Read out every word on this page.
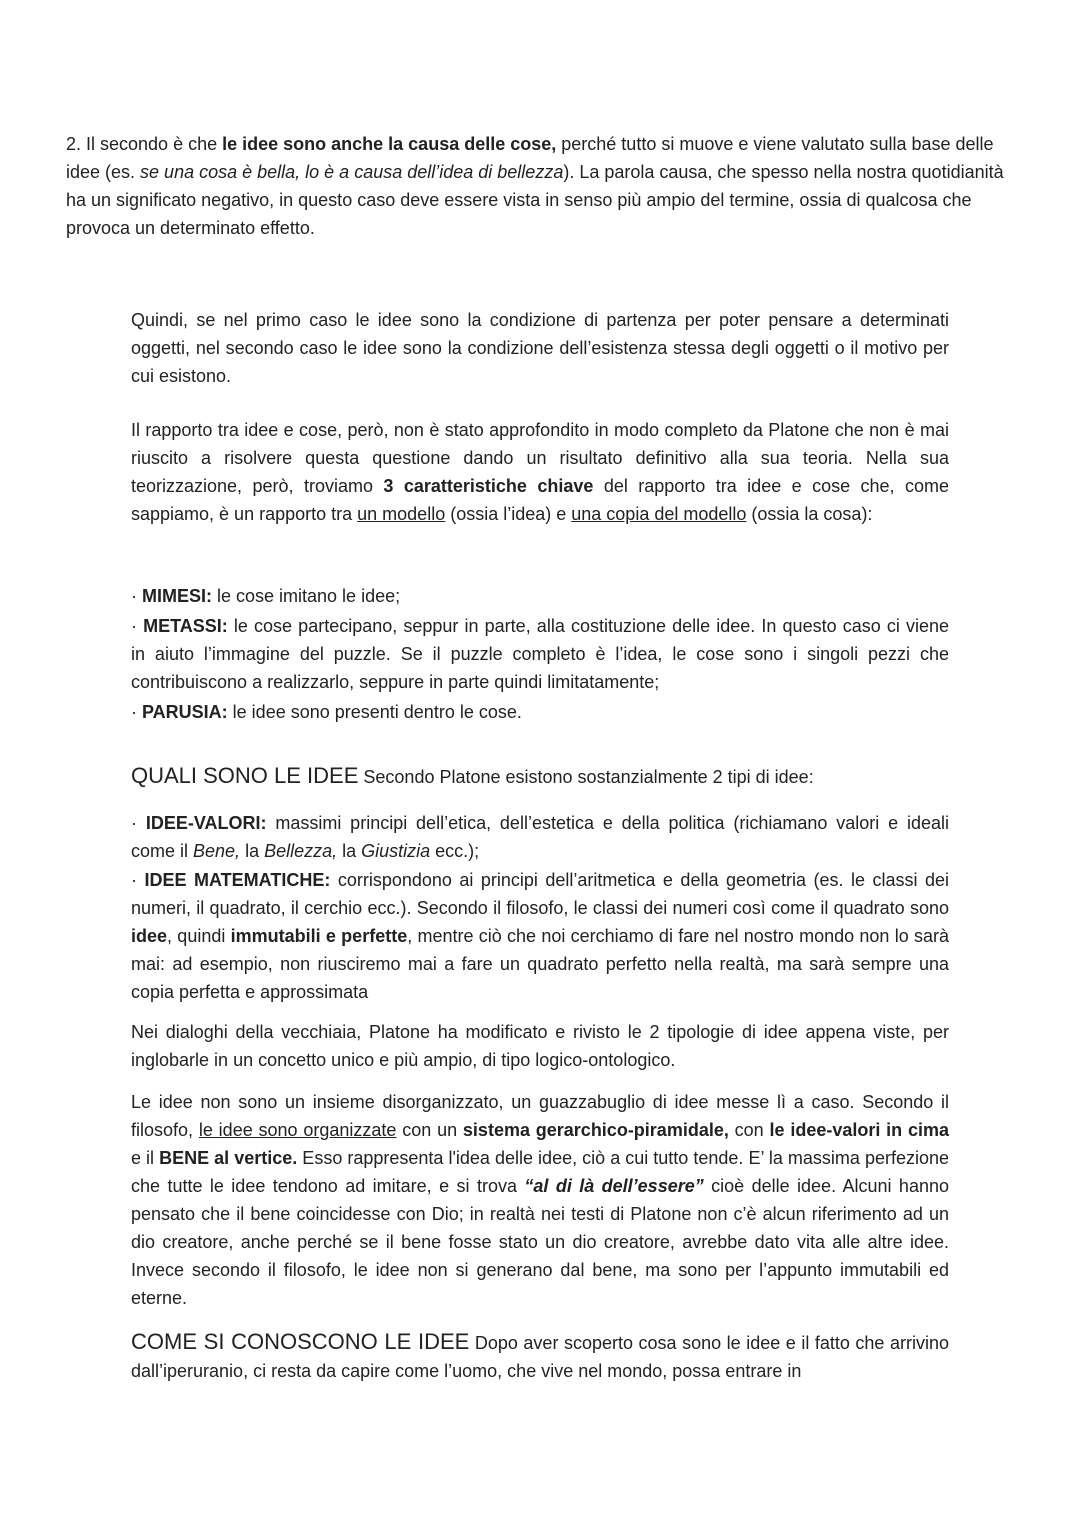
2. Il secondo è che le idee sono anche la causa delle cose, perché tutto si muove e viene valutato sulla base delle idee (es. se una cosa è bella, lo è a causa dell’idea di bellezza). La parola causa, che spesso nella nostra quotidianità ha un significato negativo, in questo caso deve essere vista in senso più ampio del termine, ossia di qualcosa che provoca un determinato effetto.

Quindi, se nel primo caso le idee sono la condizione di partenza per poter pensare a determinati oggetti, nel secondo caso le idee sono la condizione dell’esistenza stessa degli oggetti o il motivo per cui esistono.

Il rapporto tra idee e cose, però, non è stato approfondito in modo completo da Platone che non è mai riuscito a risolvere questa questione dando un risultato definitivo alla sua teoria. Nella sua teorizzazione, però, troviamo 3 caratteristiche chiave del rapporto tra idee e cose che, come sappiamo, è un rapporto tra un modello (ossia l’idea) e una copia del modello (ossia la cosa):

· MIMESI: le cose imitano le idee;

· METASSI: le cose partecipano, seppur in parte, alla costituzione delle idee. In questo caso ci viene in aiuto l’immagine del puzzle. Se il puzzle completo è l’idea, le cose sono i singoli pezzi che contribuiscono a realizzarlo, seppure in parte quindi limitatamente;

· PARUSIA: le idee sono presenti dentro le cose.

QUALI SONO LE IDEE Secondo Platone esistono sostanzialmente 2 tipi di idee:

· IDEE-VALORI: massimi principi dell’etica, dell’estetica e della politica (richiamano valori e ideali come il Bene, la Bellezza, la Giustizia ecc.);

· IDEE MATEMATICHE: corrispondono ai principi dell’aritmetica e della geometria (es. le classi dei numeri, il quadrato, il cerchio ecc.). Secondo il filosofo, le classi dei numeri così come il quadrato sono idee, quindi immutabili e perfette, mentre ciò che noi cerchiamo di fare nel nostro mondo non lo sarà mai: ad esempio, non riusciremo mai a fare un quadrato perfetto nella realtà, ma sarà sempre una copia perfetta e approssimata

Nei dialoghi della vecchiaia, Platone ha modificato e rivisto le 2 tipologie di idee appena viste, per inglobarle in un concetto unico e più ampio, di tipo logico-ontologico.

Le idee non sono un insieme disorganizzato, un guazzabuglio di idee messe lì a caso. Secondo il filosofo, le idee sono organizzate con un sistema gerarchico-piramidale, con le idee-valori in cima e il BENE al vertice. Esso rappresenta l'idea delle idee, ciò a cui tutto tende. E’ la massima perfezione che tutte le idee tendono ad imitare, e si trova “al di là dell’essere” cioè delle idee. Alcuni hanno pensato che il bene coincidesse con Dio; in realtà nei testi di Platone non c’è alcun riferimento ad un dio creatore, anche perché se il bene fosse stato un dio creatore, avrebbe dato vita alle altre idee. Invece secondo il filosofo, le idee non si generano dal bene, ma sono per l’appunto immutabili ed eterne.

COME SI CONOSCONO LE IDEE Dopo aver scoperto cosa sono le idee e il fatto che arrivino dall’iperuranio, ci resta da capire come l’uomo, che vive nel mondo, possa entrare in
